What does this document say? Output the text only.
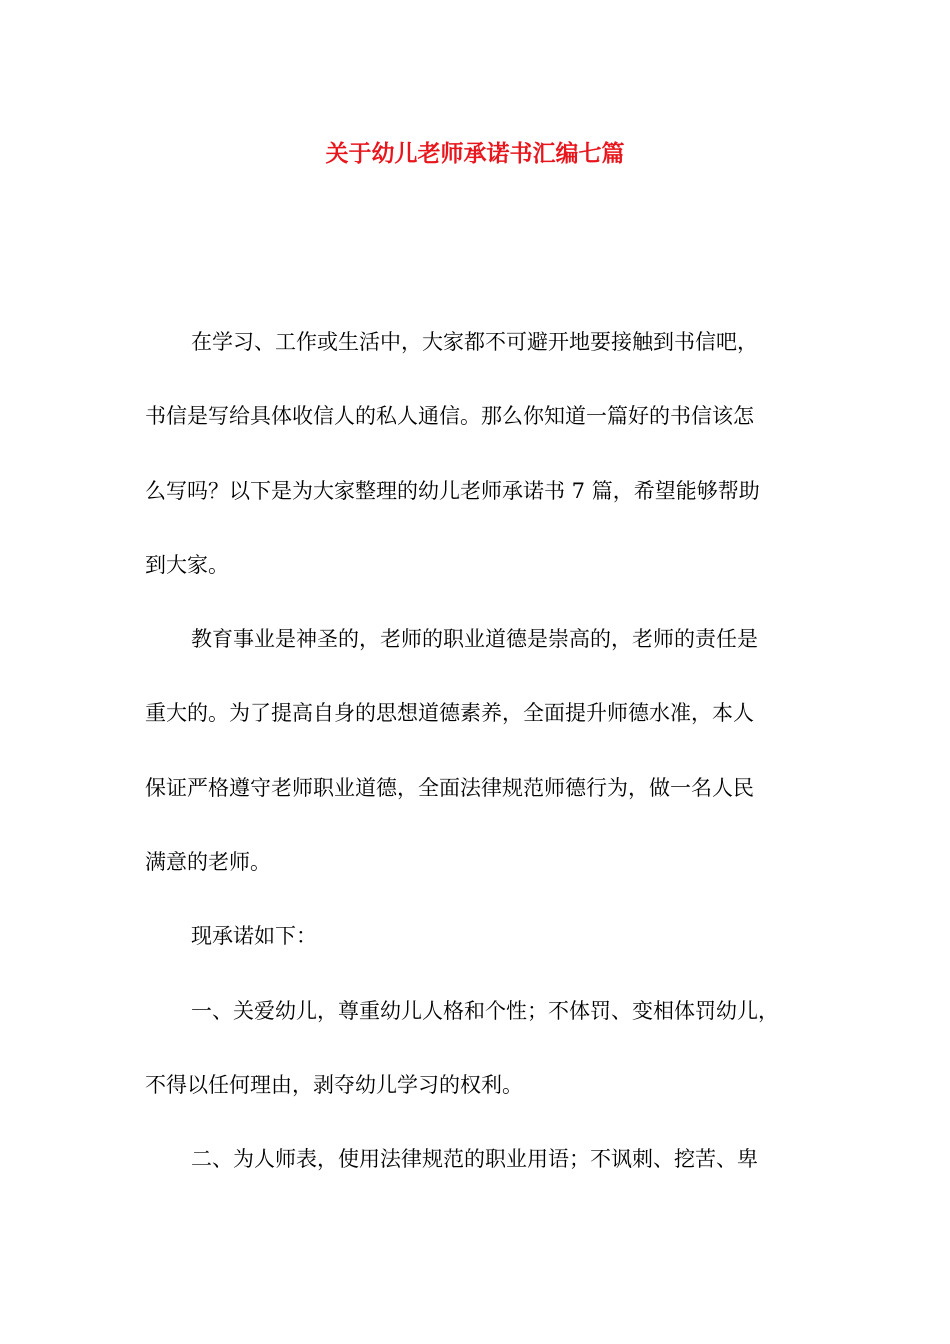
关于幼儿老师承诺书汇编七篇
在学习、工作或生活中，大家都不可避开地要接触到书信吧，
书信是写给具体收信人的私人通信。那么你知道一篇好的书信该怎
么写吗？以下是为大家整理的幼儿老师承诺书 7 篇，希望能够帮助
到大家。
教育事业是神圣的，老师的职业道德是崇高的，老师的责任是
重大的。为了提高自身的思想道德素养，全面提升师德水准，本人
保证严格遵守老师职业道德，全面法律规范师德行为，做一名人民
满意的老师。
现承诺如下：
一、关爱幼儿，尊重幼儿人格和个性；不体罚、变相体罚幼儿，
不得以任何理由，剥夺幼儿学习的权利。
二、为人师表，使用法律规范的职业用语；不讽刺、挖苦、卑
